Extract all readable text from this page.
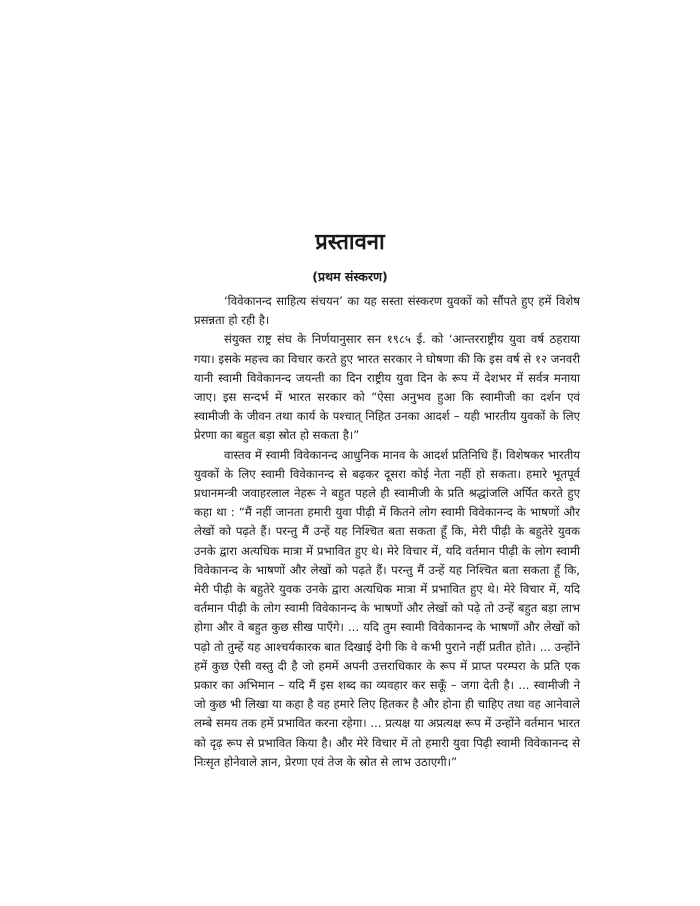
प्रस्तावना
(प्रथम संस्करण)

‘विवेकानन्द साहित्य संचयन’ का यह सस्ता संस्करण युवकों को सौंपते हुए हमें विशेष प्रसन्नता हो रही है।

संयुक्त राष्ट्र संघ के निर्णयानुसार सन १९८५ ई. को ‘आन्तरराष्ट्रीय युवा वर्ष ठहराया गया। इसके महत्त्व का विचार करते हुए भारत सरकार ने घोषणा की कि इस वर्ष से १२ जनवरी यानी स्वामी विवेकानन्द जयन्ती का दिन राष्ट्रीय युवा दिन के रूप में देशभर में सर्वत्र मनाया जाए। इस सन्दर्भ में भारत सरकार को “ऐसा अनुभव हुआ कि स्वामीजी का दर्शन एवं स्वामीजी के जीवन तथा कार्य के पश्चात् निहित उनका आदर्श – यही भारतीय युवकों के लिए प्रेरणा का बहुत बड़ा स्रोत हो सकता है।”

वास्तव में स्वामी विवेकानन्द आधुनिक मानव के आदर्श प्रतिनिधि हैं। विशेषकर भारतीय युवकों के लिए स्वामी विवेकानन्द से बढ़कर दूसरा कोई नेता नहीं हो सकता। हमारे भूतपूर्व प्रधानमन्त्री जवाहरलाल नेहरू ने बहुत पहले ही स्वामीजी के प्रति श्रद्धांजलि अर्पित करते हुए कहा था : “मैं नहीं जानता हमारी युवा पीढ़ी में कितने लोग स्वामी विवेकानन्द के भाषणों और लेखों को पढ़ते हैं। परन्तु मैं उन्हें यह निश्चित बता सकता हूँ कि, मेरी पीढ़ी के बहुतेरे युवक उनके द्वारा अत्यधिक मात्रा में प्रभावित हुए थे। मेरे विचार में, यदि वर्तमान पीढ़ी के लोग स्वामी विवेकानन्द के भाषणों और लेखों को पढ़ते हैं। परन्तु मैं उन्हें यह निश्चित बता सकता हूँ कि, मेरी पीढ़ी के बहुतेरे युवक उनके द्वारा अत्यधिक मात्रा में प्रभावित हुए थे। मेरे विचार में, यदि वर्तमान पीढ़ी के लोग स्वामी विवेकानन्द के भाषणों और लेखों को पढ़े तो उन्हें बहुत बड़ा लाभ होगा और वे बहुत कुछ सीख पाएँगे। ... यदि तुम स्वामी विवेकानन्द के भाषणों और लेखों को पढ़ो तो तुम्हें यह आश्चर्यकारक बात दिखाई देगी कि वे कभी पुराने नहीं प्रतीत होते। ... उन्होंने हमें कुछ ऐसी वस्तु दी है जो हममें अपनी उत्तराधिकार के रूप में प्राप्त परम्परा के प्रति एक प्रकार का अभिमान – यदि मैं इस शब्द का व्यवहार कर सकूँ – जगा देती है। ... स्वामीजी ने जो कुछ भी लिखा या कहा है वह हमारे लिए हितकर है और होना ही चाहिए तथा वह आनेवाले लम्बे समय तक हमें प्रभावित करना रहेगा। ... प्रत्यक्ष या अप्रत्यक्ष रूप में उन्होंने वर्तमान भारत को दृढ़ रूप से प्रभावित किया है। और मेरे विचार में तो हमारी युवा पिढ़ी स्वामी विवेकानन्द से निःसृत होनेवाले ज्ञान, प्रेरणा एवं तेज के स्रोत से लाभ उठाएगी।”
